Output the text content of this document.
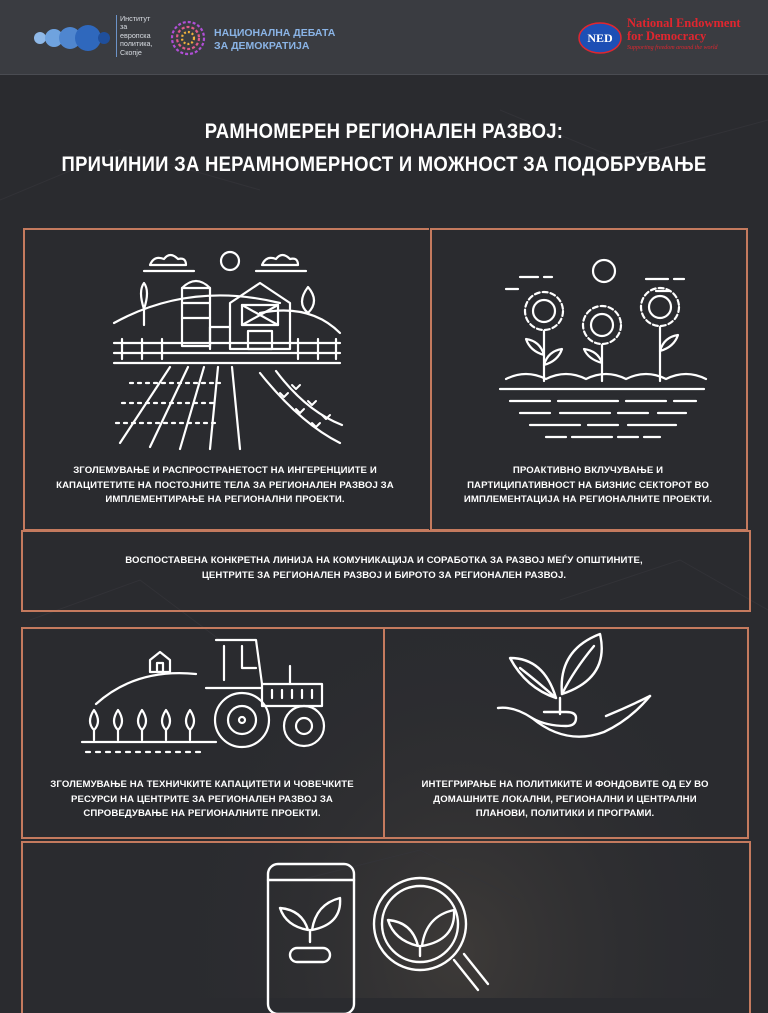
Институт
за
европска
политика,
Скопје
НАЦИОНАЛНА ДЕБАТА
ЗА ДЕМОКРАТИЈА
NED
National Endowment
for Democracy
Supporting freedom around the world
РАМНОМЕРЕН РЕГИОНАЛЕН РАЗВОЈ:
ПРИЧИНИИ ЗА НЕРАМНОМЕРНОСТ И МОЖНОСТ ЗА ПОДОБРУВАЊЕ
ЗГОЛЕМУВАЊЕ И РАСПРОСТРАНЕТОСТ НА ИНГЕРЕНЦИИТЕ И
КАПАЦИТЕТИТЕ НА ПОСТОЈНИТЕ ТЕЛА ЗА РЕГИОНАЛЕН РАЗВОЈ ЗА
ИМПЛЕМЕНТИРАЊЕ НА РЕГИОНАЛНИ ПРОЕКТИ.
ПРОАКТИВНО ВКЛУЧУВАЊЕ И
ПАРТИЦИПАТИВНОСТ НА БИЗНИС СЕКТОРОТ ВО
ИМПЛЕМЕНТАЦИЈА НА РЕГИОНАЛНИТЕ ПРОЕКТИ.
ВОСПОСТАВЕНА КОНКРЕТНА ЛИНИЈА НА КОМУНИКАЦИЈА И СОРАБОТКА ЗА РАЗВОЈ МЕЃУ ОПШТИНИТЕ,
ЦЕНТРИТЕ ЗА РЕГИОНАЛЕН РАЗВОЈ И БИРОТО ЗА РЕГИОНАЛЕН РАЗВОЈ.
ЗГОЛЕМУВАЊЕ НА ТЕХНИЧКИТЕ КАПАЦИТЕТИ И ЧОВЕЧКИТЕ
РЕСУРСИ НА ЦЕНТРИТЕ ЗА РЕГИОНАЛЕН РАЗВОЈ ЗА
СПРОВЕДУВАЊЕ НА РЕГИОНАЛНИТЕ ПРОЕКТИ.
ИНТЕГРИРАЊЕ НА ПОЛИТИКИТЕ И ФОНДОВИТЕ ОД ЕУ ВО
ДОМАШНИТЕ ЛОКАЛНИ, РЕГИОНАЛНИ И ЦЕНТРАЛНИ
ПЛАНОВИ, ПОЛИТИКИ И ПРОГРАМИ.
